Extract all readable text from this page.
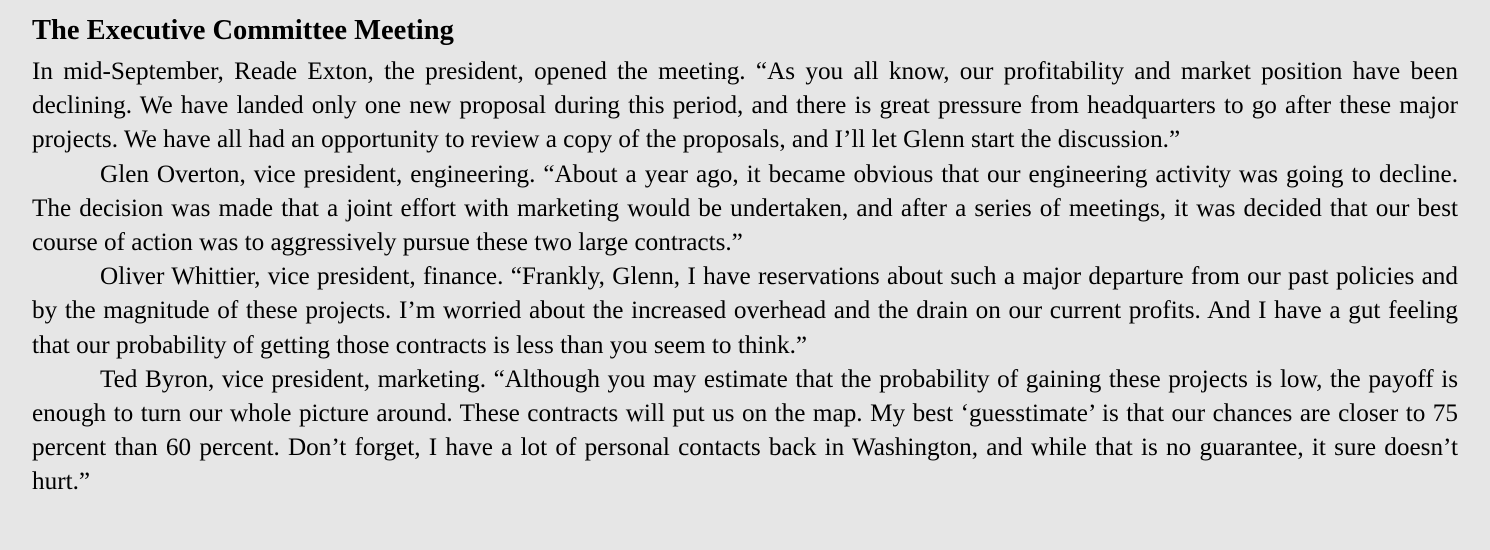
The Executive Committee Meeting

In mid-September, Reade Exton, the president, opened the meeting. “As you all know, our profitability and market position have been declining. We have landed only one new proposal during this period, and there is great pressure from headquarters to go after these major projects. We have all had an opportunity to review a copy of the proposals, and I’ll let Glenn start the discussion.”

Glen Overton, vice president, engineering. “About a year ago, it became obvious that our engineering activity was going to decline. The decision was made that a joint effort with marketing would be undertaken, and after a series of meetings, it was decided that our best course of action was to aggressively pursue these two large contracts.”

Oliver Whittier, vice president, finance. “Frankly, Glenn, I have reservations about such a major departure from our past policies and by the magnitude of these projects. I’m worried about the increased overhead and the drain on our current profits. And I have a gut feeling that our probability of getting those contracts is less than you seem to think.”

Ted Byron, vice president, marketing. “Although you may estimate that the probability of gaining these projects is low, the payoff is enough to turn our whole picture around. These contracts will put us on the map. My best ‘guesstimate’ is that our chances are closer to 75 percent than 60 percent. Don’t forget, I have a lot of personal contacts back in Washington, and while that is no guarantee, it sure doesn’t hurt.”
